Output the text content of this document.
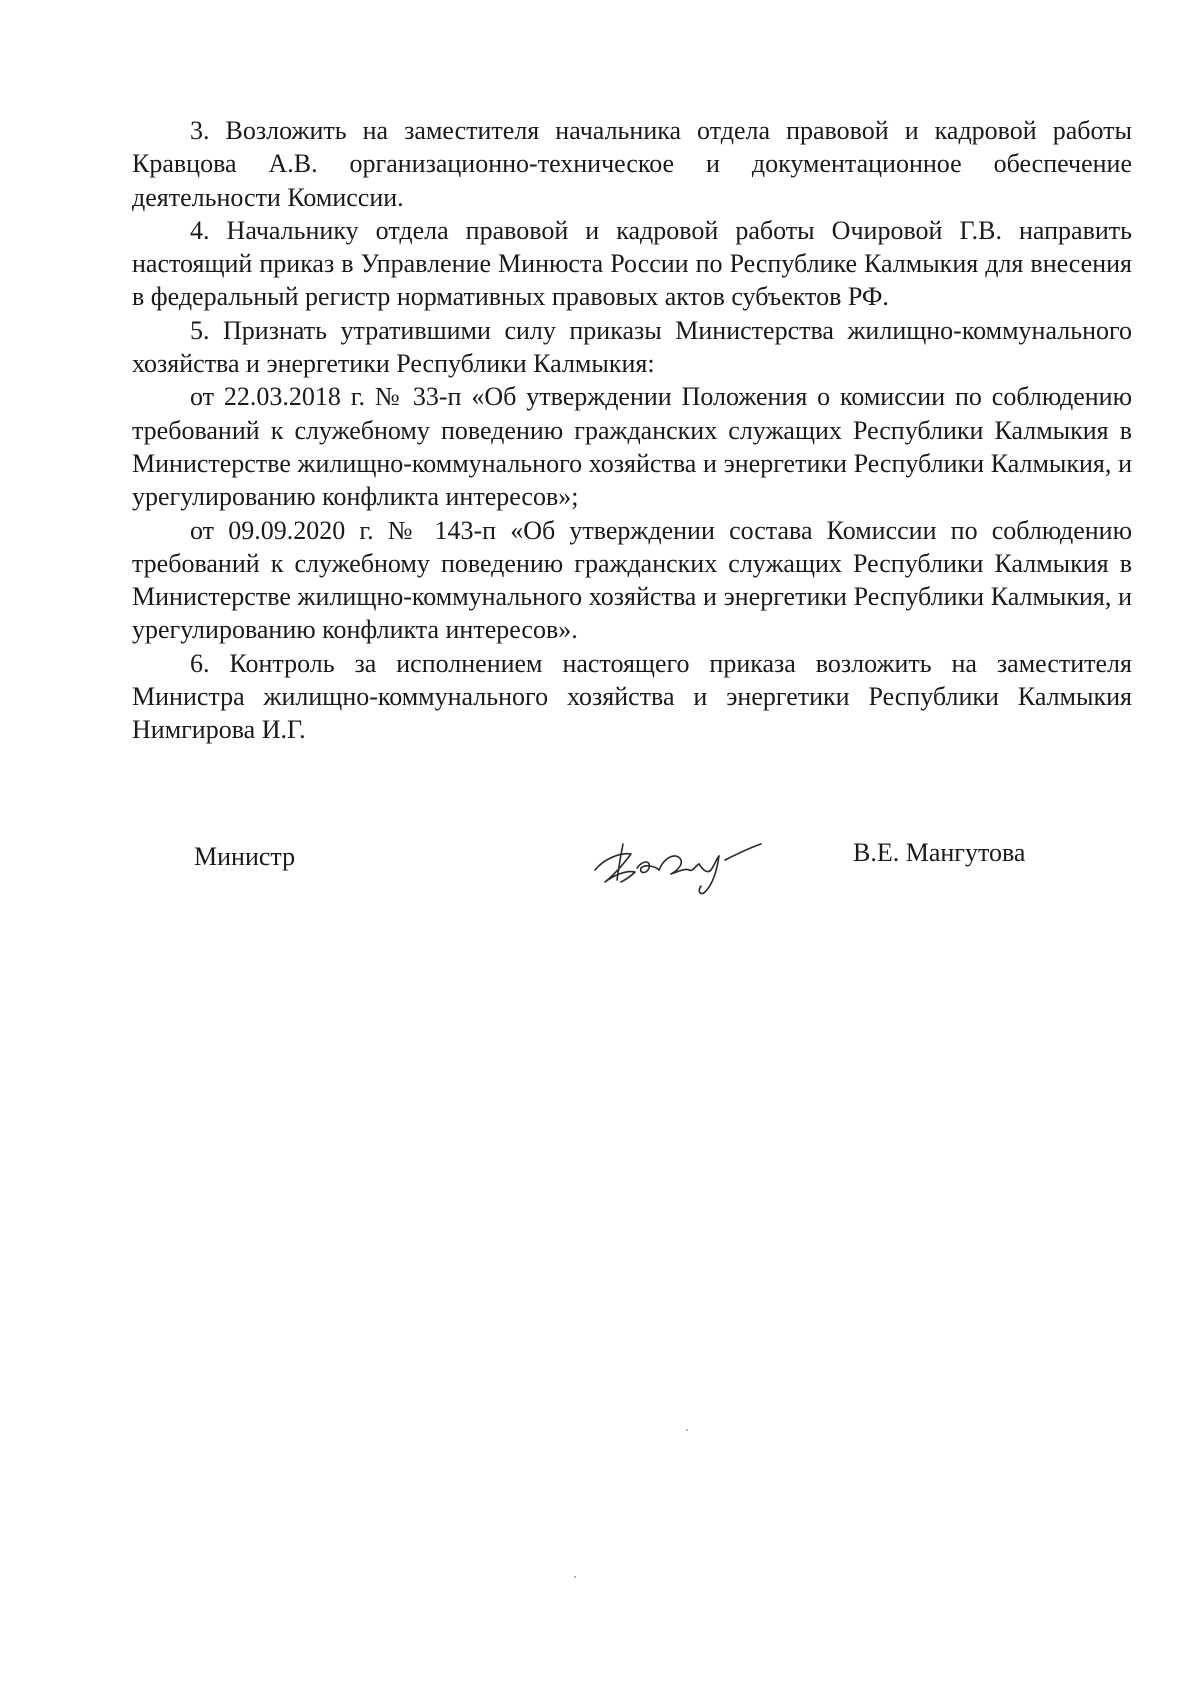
3. Возложить на заместителя начальника отдела правовой и кадровой работы Кравцова А.В. организационно-техническое и документационное обеспечение деятельности Комиссии.

4. Начальнику отдела правовой и кадровой работы Очировой Г.В. направить настоящий приказ в Управление Минюста России по Республике Калмыкия для внесения в федеральный регистр нормативных правовых актов субъектов РФ.

5. Признать утратившими силу приказы Министерства жилищно-коммунального хозяйства и энергетики Республики Калмыкия:

от 22.03.2018 г. № 33-п «Об утверждении Положения о комиссии по соблюдению требований к служебному поведению гражданских служащих Республики Калмыкия в Министерстве жилищно-коммунального хозяйства и энергетики Республики Калмыкия, и урегулированию конфликта интересов»;

от 09.09.2020 г. № 143-п «Об утверждении состава Комиссии по соблюдению требований к служебному поведению гражданских служащих Республики Калмыкия в Министерстве жилищно-коммунального хозяйства и энергетики Республики Калмыкия, и урегулированию конфликта интересов».

6. Контроль за исполнением настоящего приказа возложить на заместителя Министра жилищно-коммунального хозяйства и энергетики Республики Калмыкия Нимгирова И.Г.

Министр	В.Е. Мангутова
